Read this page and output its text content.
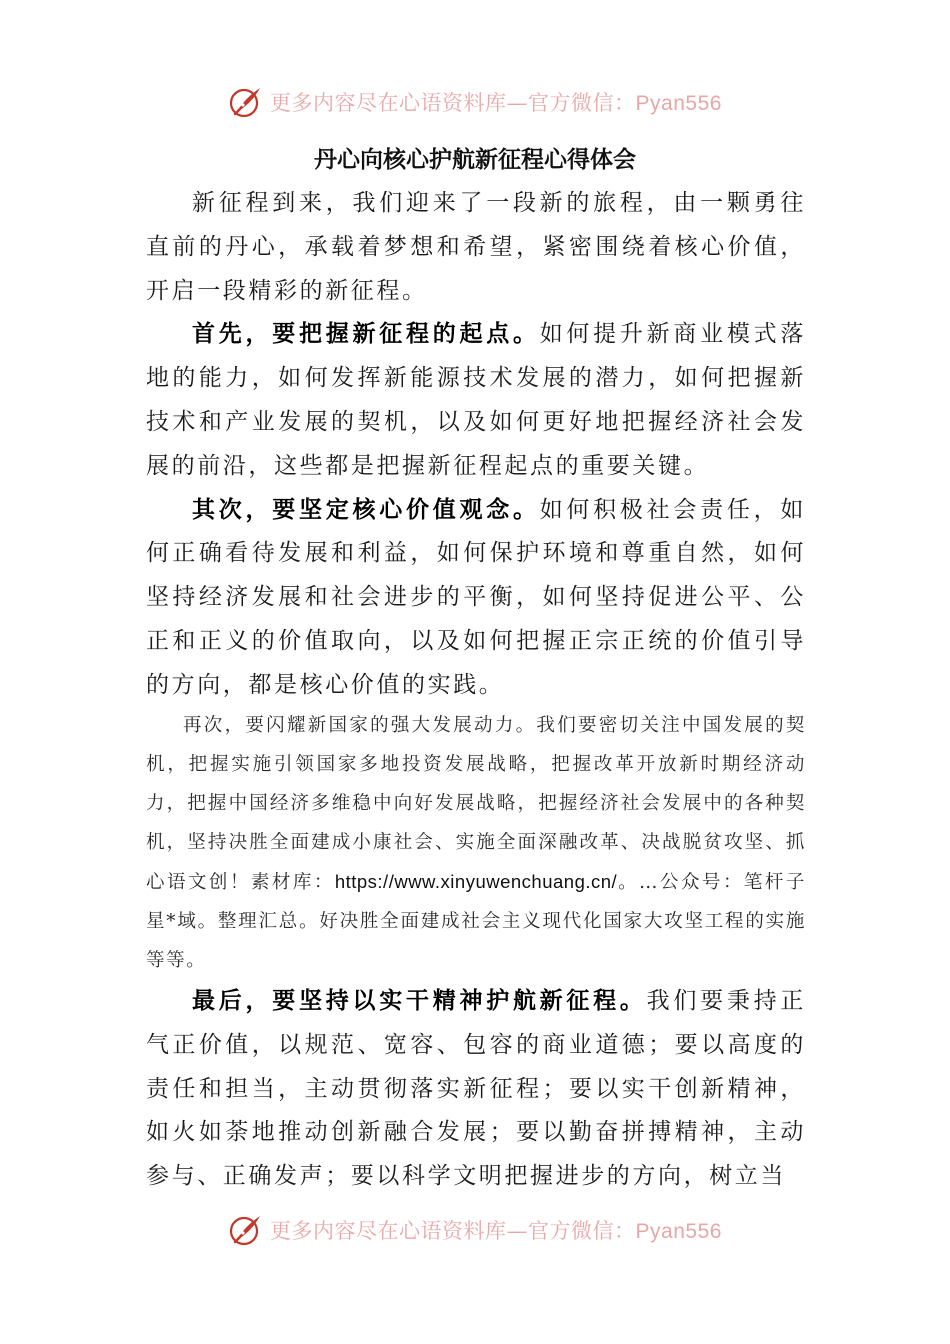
更多内容尽在心语资料库—官方微信：Pyan556
丹心向核心护航新征程心得体会

新征程到来，我们迎来了一段新的旅程，由一颗勇往直前的丹心，承载着梦想和希望，紧密围绕着核心价值，开启一段精彩的新征程。

首先，要把握新征程的起点。如何提升新商业模式落地的能力，如何发挥新能源技术发展的潜力，如何把握新技术和产业发展的契机，以及如何更好地把握经济社会发展的前沿，这些都是把握新征程起点的重要关键。

其次，要坚定核心价值观念。如何积极社会责任，如何正确看待发展和利益，如何保护环境和尊重自然，如何坚持经济发展和社会进步的平衡，如何坚持促进公平、公正和正义的价值取向，以及如何把握正宗正统的价值引导的方向，都是核心价值的实践。

再次，要闪耀新国家的强大发展动力。我们要密切关注中国发展的契机，把握实施引领国家多地投资发展战略，把握改革开放新时期经济动力，把握中国经济多维稳中向好发展战略，把握经济社会发展中的各种契机，坚持决胜全面建成小康社会、实施全面深融改革、决战脱贫攻坚、抓心语文创！素材库：https://www.xinyuwenchuang.cn/。…公众号：笔杆子星*域。整理汇总。好决胜全面建成社会主义现代化国家大攻坚工程的实施等等。

最后，要坚持以实干精神护航新征程。我们要秉持正气正价值，以规范、宽容、包容的商业道德；要以高度的责任和担当，主动贯彻落实新征程；要以实干创新精神，如火如荼地推动创新融合发展；要以勤奋拼搏精神，主动参与、正确发声；要以科学文明把握进步的方向，树立当

更多内容尽在心语资料库—官方微信：Pyan556
